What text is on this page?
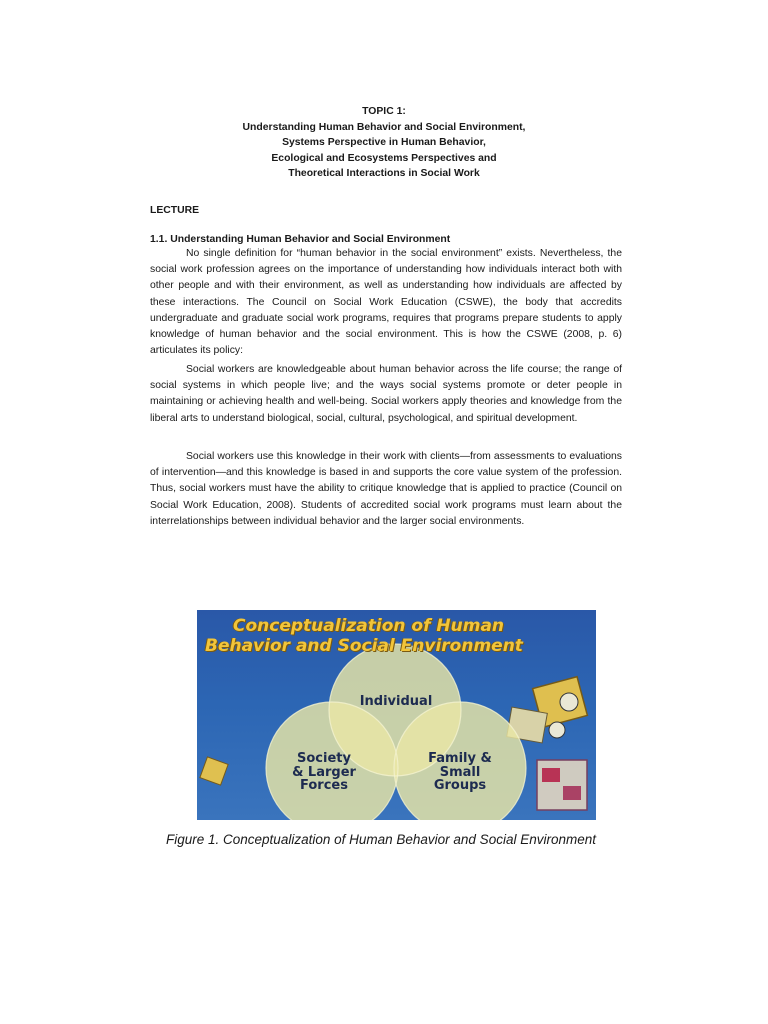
TOPIC 1:
Understanding Human Behavior and Social Environment,
Systems Perspective in Human Behavior,
Ecological and Ecosystems Perspectives and
Theoretical Interactions in Social Work
LECTURE
1.1. Understanding Human Behavior and Social Environment

No single definition for “human behavior in the social environment” exists. Nevertheless, the social work profession agrees on the importance of understanding how individuals interact both with other people and with their environment, as well as understanding how individuals are affected by these interactions. The Council on Social Work Education (CSWE), the body that accredits undergraduate and graduate social work programs, requires that programs prepare students to apply knowledge of human behavior and the social environment. This is how the CSWE (2008, p. 6) articulates its policy:

Social workers are knowledgeable about human behavior across the life course; the range of social systems in which people live; and the ways social systems promote or deter people in maintaining or achieving health and well-being. Social workers apply theories and knowledge from the liberal arts to understand biological, social, cultural, psychological, and spiritual development.

Social workers use this knowledge in their work with clients—from assessments to evaluations of intervention—and this knowledge is based in and supports the core value system of the profession. Thus, social workers must have the ability to critique knowledge that is applied to practice (Council on Social Work Education, 2008). Students of accredited social work programs must learn about the interrelationships between individual behavior and the larger social environments.

Conceptualization of Human
Behavior and Social Environment
Individual
Society
& Larger
Forces
Family &
Small
Groups
Figure 1. Conceptualization of Human Behavior and Social Environment
